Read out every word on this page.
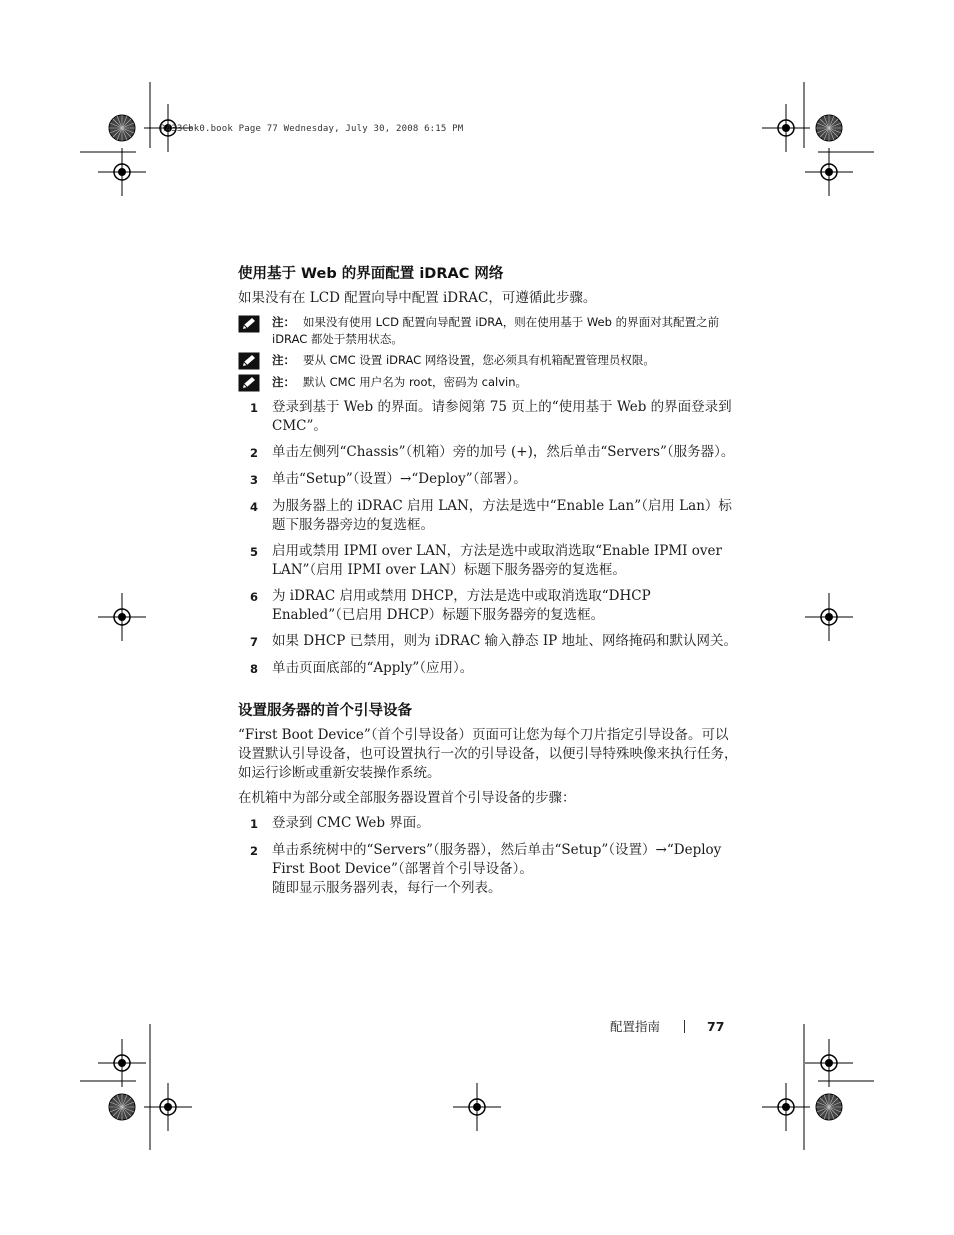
R433Cbk0.book Page 77 Wednesday, July 30, 2008 6:15 PM
使用基于 Web 的界面配置 iDRAC 网络

如果没有在 LCD 配置向导中配置 iDRAC，可遵循此步骤。

注： 如果没有使用 LCD 配置向导配置 iDRA，则在使用基于 Web 的界面对其配置之前 iDRAC 都处于禁用状态。
注： 要从 CMC 设置 iDRAC 网络设置，您必须具有机箱配置管理员权限。
注： 默认 CMC 用户名为 root，密码为 calvin。
1	登录到基于 Web 的界面。请参阅第 75 页上的“使用基于 Web 的界面登录到 CMC”。
2	单击左侧列“Chassis”（机箱）旁的加号 (+)，然后单击“Servers”（服务器）。
3	单击“Setup”（设置）→“Deploy”（部署）。
4	为服务器上的 iDRAC 启用 LAN，方法是选中“Enable Lan”（启用 Lan）标题下服务器旁边的复选框。
5	启用或禁用 IPMI over LAN，方法是选中或取消选取“Enable IPMI over LAN”（启用 IPMI over LAN）标题下服务器旁的复选框。
6	为 iDRAC 启用或禁用 DHCP，方法是选中或取消选取“DHCP Enabled”（已启用 DHCP）标题下服务器旁的复选框。
7	如果 DHCP 已禁用，则为 iDRAC 输入静态 IP 地址、网络掩码和默认网关。
8	单击页面底部的“Apply”（应用）。
设置服务器的首个引导设备

“First Boot Device”（首个引导设备）页面可让您为每个刀片指定引导设备。可以设置默认引导设备，也可设置执行一次的引导设备，以便引导特殊映像来执行任务，如运行诊断或重新安装操作系统。

在机箱中为部分或全部服务器设置首个引导设备的步骤：

1	登录到 CMC Web 界面。
2	单击系统树中的“Servers”（服务器），然后单击“Setup”（设置）→“Deploy First Boot Device”（部署首个引导设备）。
随即显示服务器列表，每行一个列表。
配置指南	77
